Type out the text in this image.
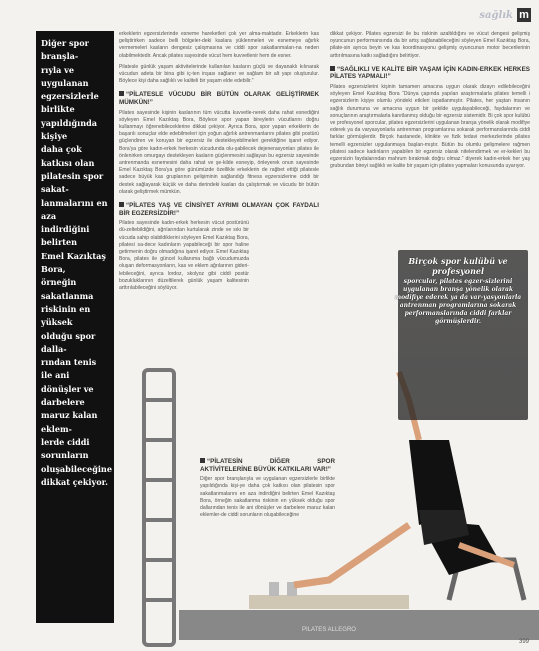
sağlık m

Diğer spor branşla-
rıyla ve uygulanan
egzersizlerle birlikte
yapıldığında kişiye
daha çok katkısı olan
pilatesin spor sakat-
lanmalarını en aza
indirdiğini belirten
Emel Kazıktaş Bora,
örneğin sakatlanma
riskinin en yüksek
olduğu spor dalla-
rından tenis ile ani
dönüşler ve darbelere
maruz kalan eklem-
lerde ciddi sorunların
oluşabileceğine
dikkat çekiyor.

erkeklerin egzersizlerinde esneme hareketleri çok yer alma-maktadır. Erkeklerin kas geliştirirken sadece belli bölgeler-deki kaslara yüklenmeleri ve esnemeye ağırlık vermemeleri kasların dengesiz çalışmasına ve ciddi spor sakatlanmaları-na neden olabilmektedir. Ancak pilates sayesinde vücut hem kuvvetlenir hem de esner.

Pilatesle günlük yaşam aktivitelerinde kullanılan kasların güçlü ve dayanaklı kılınarak vücudun adeta bir bina gibi iç-ten inşası sağlanır ve sağlam bir alt yapı oluşturulur. Böylece kişi daha sağlıklı ve kaliteli bir yaşam elde edebilir.”

“PİLATESLE VÜCUDU BİR BÜTÜN OLARAK GELİŞTİRMEK MÜMKÜN!”

Pilates sayesinde kişinin kaslarının tüm vücutta kuvvetle-nerek daha rahat esnediğini söyleyen Emel Kazıktaş Bora, Böylece spor yapan bireylerin vücutlarını doğru kullanmayı öğrenebileceklerine dikkat çekiyor. Ayrıca Bora, spor yapan erkeklerin de başarılı sonuçlar elde edebilmeleri için yoğun ağırlık antrenmanlarını pilates gibi postürü güçlendiren ve koruyan bir egzersiz ile destekleyebilmeleri gerektiğine işaret ediyor. Bora'ya göre kadın-erkek herkesin vücudunda olu-şabilecek dejenerasyonları pilates ile önlenirken omurgayı destekleyen kasların güçlenmesini sağlayan bu egzersiz sayesinde antrenmanda esnemesini daha rahat ve şe-kilde esneyip, önleyerek onun sayesinde Emel Kazıktaş Bora'ya göre günümüzde özellikle erkeklerin de rağbet ettiği pilatesle sadece büyük kas gruplarının gelişiminin sağlandığı fitness egzersizlerine ciddi bir destek sağlayarak küçük ve daha derindeki kasları da çalıştırmak ve vücudu bir bütün olarak geliştirmek mümkün.

“PİLATES YAŞ VE CİNSİYET AYRIMI OLMAYAN ÇOK FAYDALI BİR EGZERSİZDİR!”

Pilates sayesinde kadın-erkek herkesin vücut postürünü dü-zeltebildiğini, ağrılarından kurtularak zinde ve sıkı bir vücuda sahip olabildiklerini söyleyen Emel Kazıktaş Bora, pilatesi sa-dece kadınların yapabileceği bir spor haline getirmenin doğru olmadığına işaret ediyor. Emel Kazıktaş Bora, pilates ile güncel kullanıma bağlı vücudumuzda oluşan deformasyonların, kas ve eklem ağrılarının gideri-lebileceğini, ayrıca lordoz, skolyoz gibi ciddi postür bozukluklarının düzeltilerek günlük yaşam kalitesinin arttırılabileceğini söylüyor.

“PİLATESİN DİĞER SPOR AKTİVİTELERİNE BÜYÜK KATKILARI VAR!”

Diğer spor branşlarıyla ve uygulanan egzersizlerle birlikte yapıldığında kişi-ye daha çok katkısı olan pilatesin spor sakatlanmalarını en aza indirdiğini belirten Emel Kazıktaş Bora, örneğin sakatlanma riskinin en yüksek olduğu spor dallarından tenis ile ani dönüşler ve darbelere maruz kalan eklemler-de ciddi sorunların oluşabileceğine

dikkat çekiyor. Pilates egzersizi ile bu riskinin azaltıldığını ve vücut dengesi gelişmiş oyuncunun performansında da bir artış sağlanabileceğini söyleyen Emel Kazıktaş Bora, pilate-sin ayrıca beyin ve kas koordinasyonu gelişmiş oyuncunun motor becerilerinin arttırılmasına katkı sağladığını belirtiyor.

“SAĞLIKLI VE KALİTE BİR YAŞAM İÇİN KADIN-ERKEK HERKES PİLATES YAPMALI!”

Pilates egzersizlerini kişinin tamamen amacına uygun olarak dizayn edilebileceğini söyleyen Emel Kazıktaş Bora “Dünya çapında yapılan araştırmalarla pilates temelli i egzersizlerin kişiye olumlu yöndeki etkileri ispatlanmıştır. Pilates, her yaştan insanın sağlık durumuna ve amacına uygun bir şekilde uygulayabileceği, faydalarının ve sonuçlarının araştırmalarla kanıtlanmış olduğu bir egzersiz sistemidir. Bi çok spor kulübü ve profesyonel sporcular, pilates egzersizlerini uygulanan branşa yönelik olarak modifiye ederek ya da varyasyonlarla antrenman programlarına sokarak performanslarında ciddi farklar görmüşlerdir. Birçok hastanede, klinikte ve fizik tedavi merkezlerinde pilates temelli egzersizler uygulanmaya başlan-mıştır. Bütün bu olumlu gelişmelere rağmen pilatesi sadece kadınların yapabilen bir egzersiz olarak nitelendirmek ve er-kekleri bu egzersizin faydalarından mahrum bırakmak doğru olmaz.” diyerek kadın-erkek her yaş grubundan bireyi sağlıklı ve kalite bir yaşam için pilates yapmaları konusunda uyarıyor.

PILATES ALLEGRO
Birçok spor kulübü ve profesyonel
sporcular, pilates egzer-sizlerini uygulanan branşa yönelik olarak modifiye ederek ya da var-yasyonlarla antrenman programlarına sokarak performanslarında ciddi farklar görmüşlerdir.
399
